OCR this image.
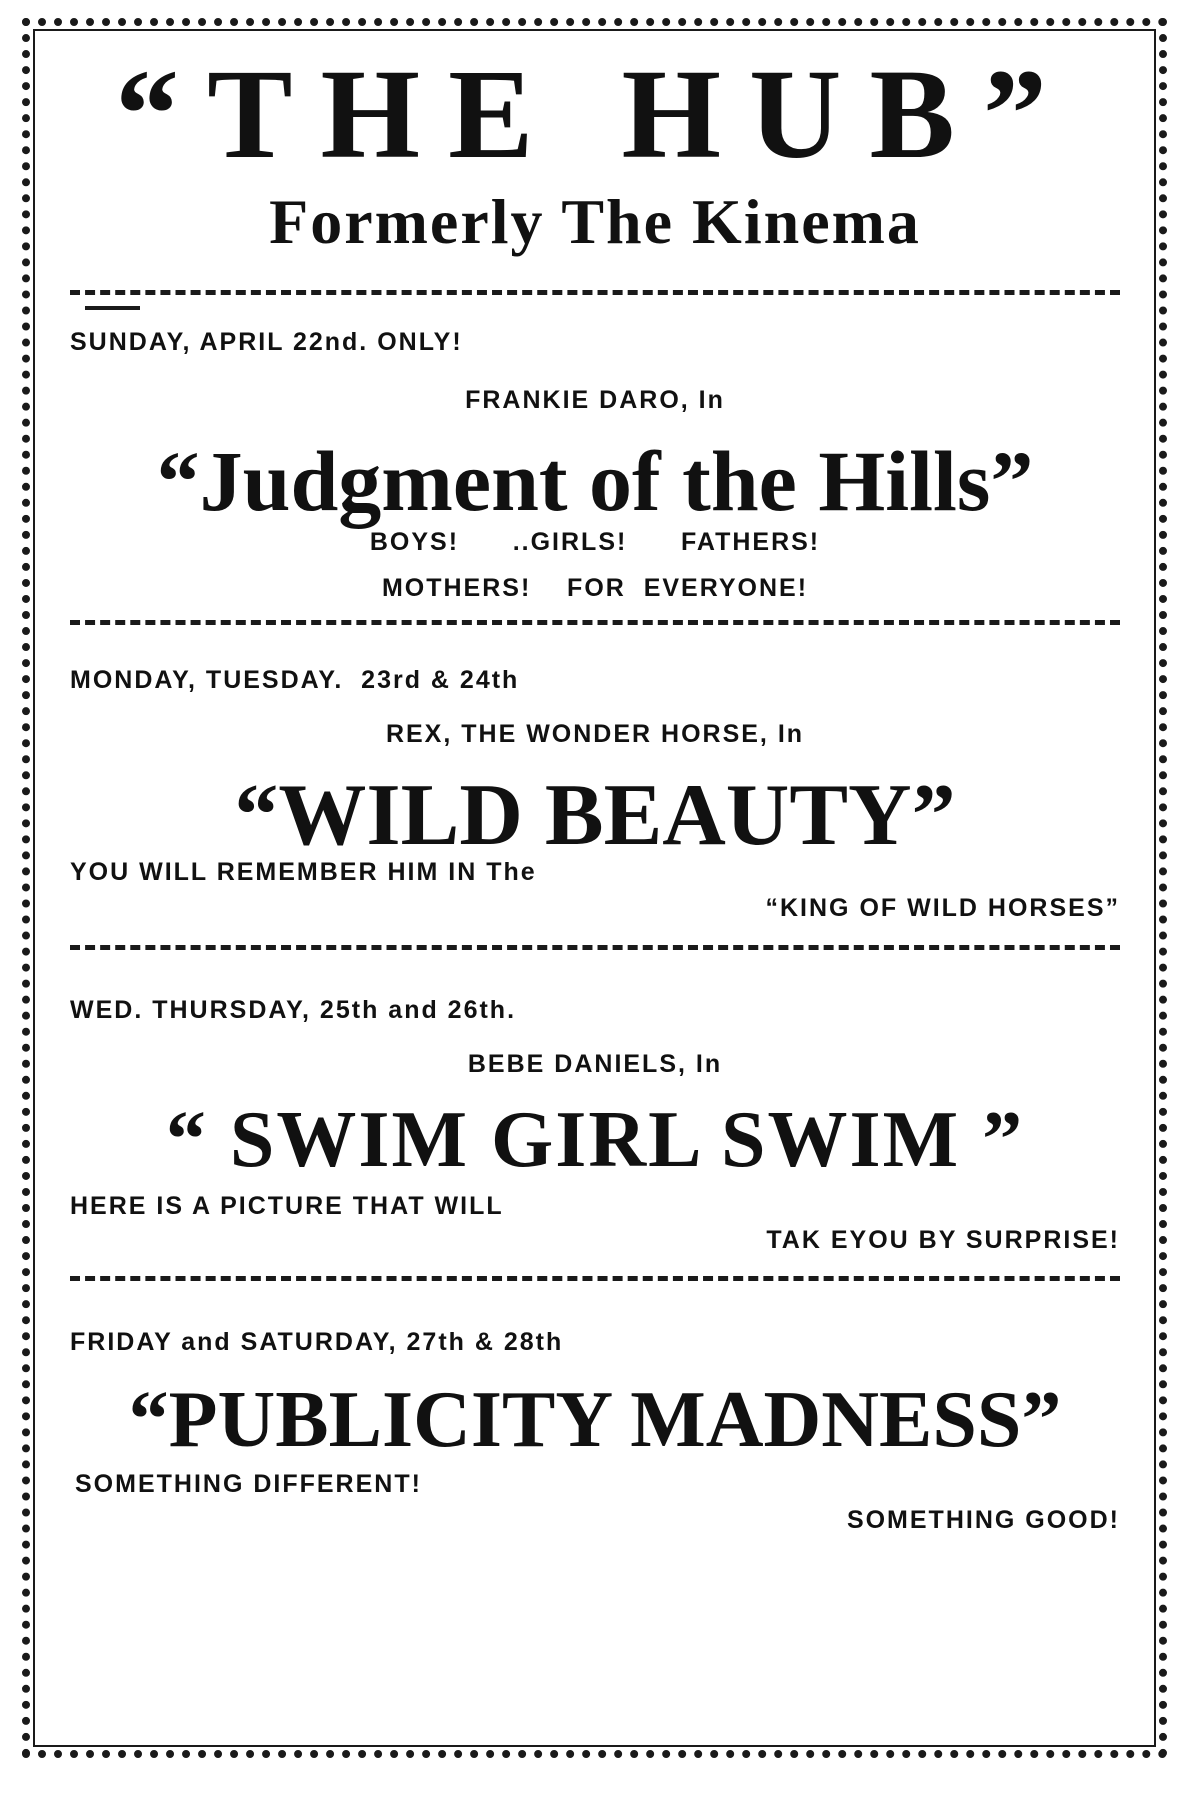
“THE HUB”
Formerly The Kinema
SUNDAY, APRIL 22nd. ONLY!
FRANKIE DARO, In
“Judgment of the Hills”
BOYS!      ..GIRLS!      FATHERS!
MOTHERS!    FOR  EVERYONE!
MONDAY, TUESDAY.  23rd & 24th
REX, THE WONDER HORSE, In
“WILD BEAUTY”
YOU WILL REMEMBER HIM IN The
“KING OF WILD HORSES”
WED. THURSDAY, 25th and 26th.
BEBE DANIELS, In
“ SWIM GIRL SWIM ”
HERE IS A PICTURE THAT WILL
TAK EYOU BY SURPRISE!
FRIDAY and SATURDAY, 27th & 28th
“PUBLICITY MADNESS”
SOMETHING DIFFERENT!
SOMETHING GOOD!
